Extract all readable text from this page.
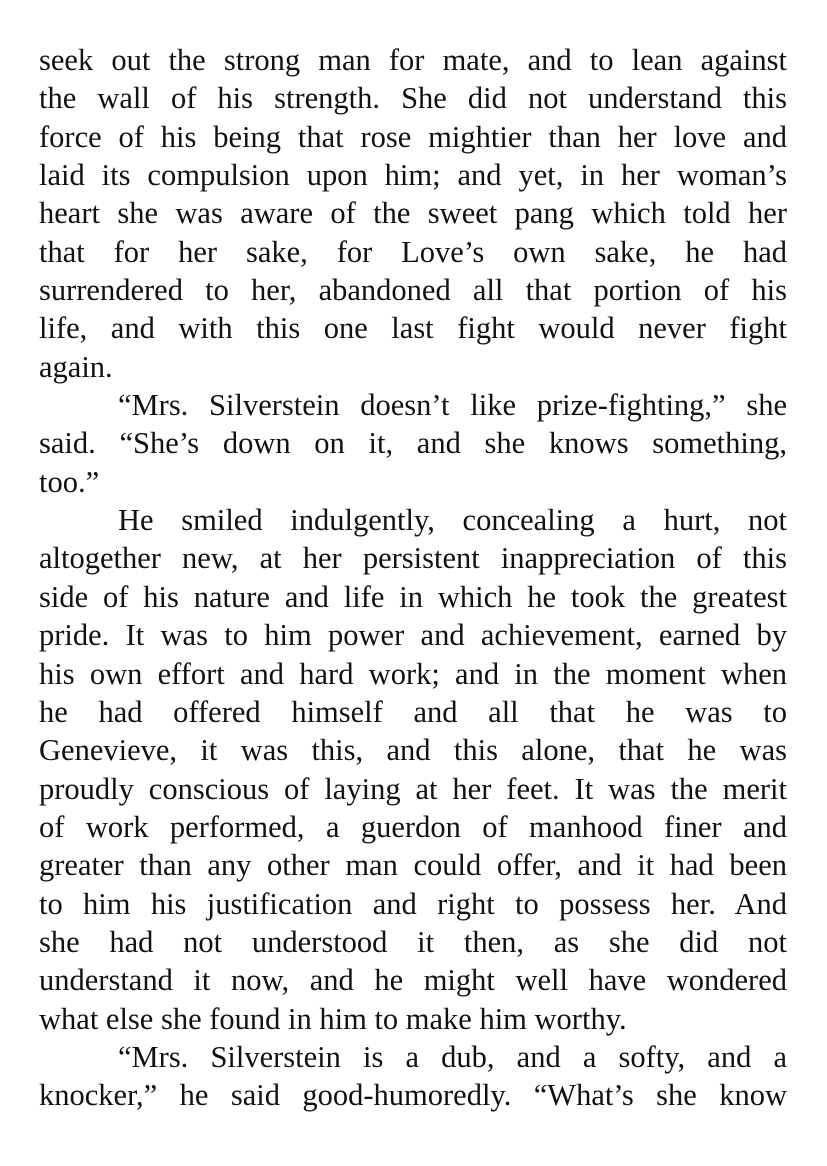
seek out the strong man for mate, and to lean against
the wall of his strength. She did not understand this
force of his being that rose mightier than her love and
laid its compulsion upon him; and yet, in her woman’s
heart she was aware of the sweet pang which told her
that for her sake, for Love’s own sake, he had
surrendered to her, abandoned all that portion of his
life, and with this one last fight would never fight
again.
“Mrs. Silverstein doesn’t like prize-fighting,” she
said. “She’s down on it, and she knows something,
too.”
He smiled indulgently, concealing a hurt, not
altogether new, at her persistent inappreciation of this
side of his nature and life in which he took the greatest
pride. It was to him power and achievement, earned by
his own effort and hard work; and in the moment when
he had offered himself and all that he was to
Genevieve, it was this, and this alone, that he was
proudly conscious of laying at her feet. It was the merit
of work performed, a guerdon of manhood finer and
greater than any other man could offer, and it had been
to him his justification and right to possess her. And
she had not understood it then, as she did not
understand it now, and he might well have wondered
what else she found in him to make him worthy.
“Mrs. Silverstein is a dub, and a softy, and a
knocker,” he said good-humoredly. “What’s she know
